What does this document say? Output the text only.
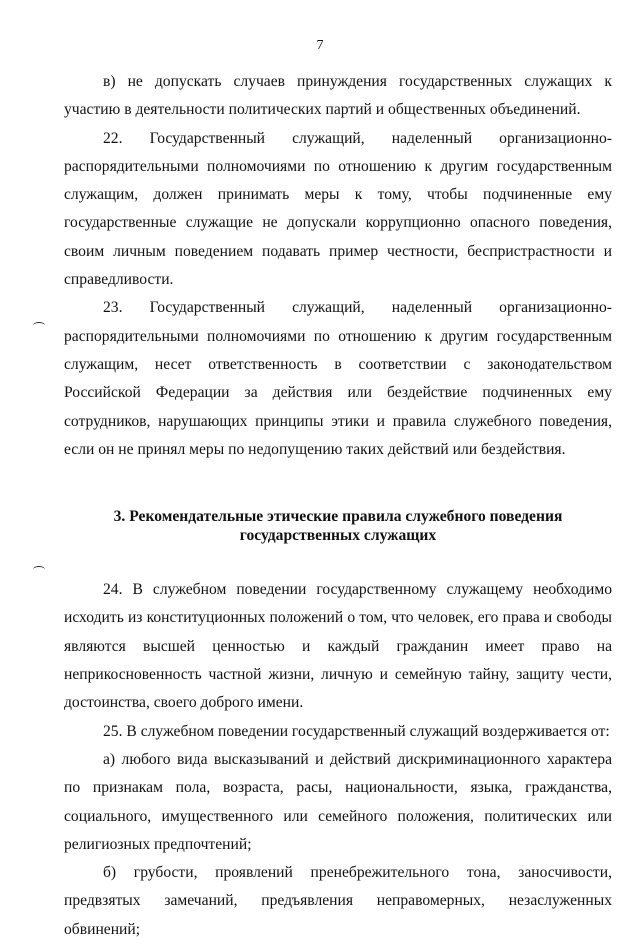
7

в) не допускать случаев принуждения государственных служащих к участию в деятельности политических партий и общественных объединений.

22. Государственный служащий, наделенный организационно-распорядительными полномочиями по отношению к другим государственным служащим, должен принимать меры к тому, чтобы подчиненные ему государственные служащие не допускали коррупционно опасного поведения, своим личным поведением подавать пример честности, беспристрастности и справедливости.

23. Государственный служащий, наделенный организационно-распорядительными полномочиями по отношению к другим государственным служащим, несет ответственность в соответствии с законодательством Российской Федерации за действия или бездействие подчиненных ему сотрудников, нарушающих принципы этики и правила служебного поведения, если он не принял меры по недопущению таких действий или бездействия.

3. Рекомендательные этические правила служебного поведения
государственных служащих

24. В служебном поведении государственному служащему необходимо исходить из конституционных положений о том, что человек, его права и свободы являются высшей ценностью и каждый гражданин имеет право на неприкосновенность частной жизни, личную и семейную тайну, защиту чести, достоинства, своего доброго имени.

25. В служебном поведении государственный служащий воздерживается от:

а) любого вида высказываний и действий дискриминационного характера по признакам пола, возраста, расы, национальности, языка, гражданства, социального, имущественного или семейного положения, политических или религиозных предпочтений;

б) грубости, проявлений пренебрежительного тона, заносчивости, предвзятых замечаний, предъявления неправомерных, незаслуженных обвинений;
